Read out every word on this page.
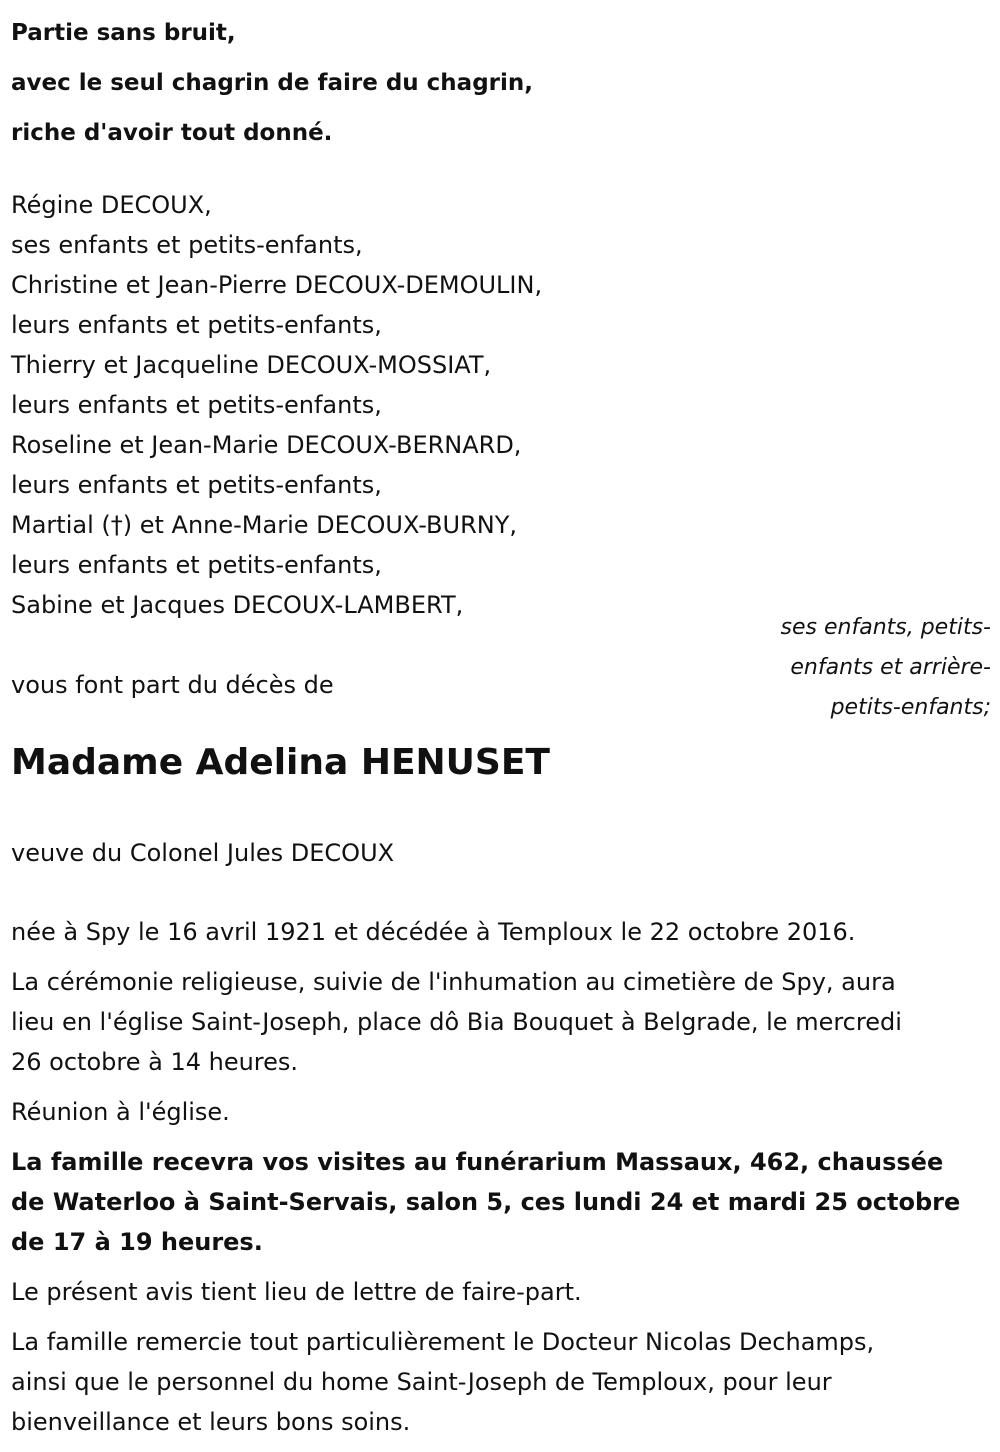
Partie sans bruit,
avec le seul chagrin de faire du chagrin,
riche d'avoir tout donné.
Régine DECOUX,
ses enfants et petits-enfants,
Christine et Jean-Pierre DECOUX-DEMOULIN,
leurs enfants et petits-enfants,
Thierry et Jacqueline DECOUX-MOSSIAT,
leurs enfants et petits-enfants,
Roseline et Jean-Marie DECOUX-BERNARD,
leurs enfants et petits-enfants,
Martial (†) et Anne-Marie DECOUX-BURNY,
leurs enfants et petits-enfants,
Sabine et Jacques DECOUX-LAMBERT,
ses enfants, petits-
enfants et arrière-
petits-enfants;
vous font part du décès de
Madame Adelina HENUSET
veuve du Colonel Jules DECOUX
née à Spy le 16 avril 1921 et décédée à Temploux le 22 octobre 2016.
La cérémonie religieuse, suivie de l'inhumation au cimetière de Spy, aura
lieu en l'église Saint-Joseph, place dô Bia Bouquet à Belgrade, le mercredi
26 octobre à 14 heures.
Réunion à l'église.
La famille recevra vos visites au funérarium Massaux, 462, chaussée
de Waterloo à Saint-Servais, salon 5, ces lundi 24 et mardi 25 octobre
de 17 à 19 heures.
Le présent avis tient lieu de lettre de faire-part.
La famille remercie tout particulièrement le Docteur Nicolas Dechamps,
ainsi que le personnel du home Saint-Joseph de Temploux, pour leur
bienveillance et leurs bons soins.
